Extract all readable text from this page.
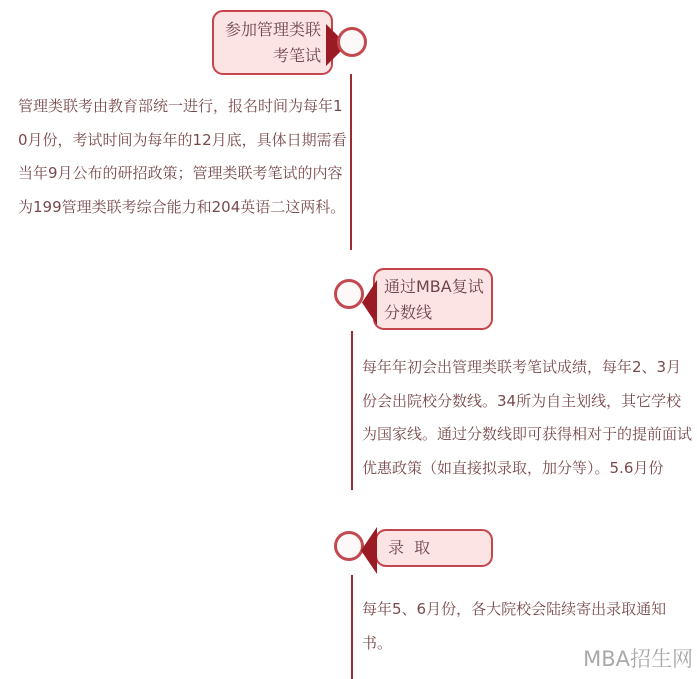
参加管理类联考笔试
管理类联考由教育部统一进行，报名时间为每年10月份，考试时间为每年的12月底，具体日期需看当年9月公布的研招政策；管理类联考笔试的内容为199管理类联考综合能力和204英语二这两科。
通过MBA复试分数线
每年年初会出管理类联考笔试成绩，每年2、3月份会出院校分数线。34所为自主划线，其它学校为国家线。通过分数线即可获得相对于的提前面试优惠政策（如直接拟录取，加分等）。5.6月份
录  取
每年5、6月份，各大院校会陆续寄出录取通知书。
MBA招生网
